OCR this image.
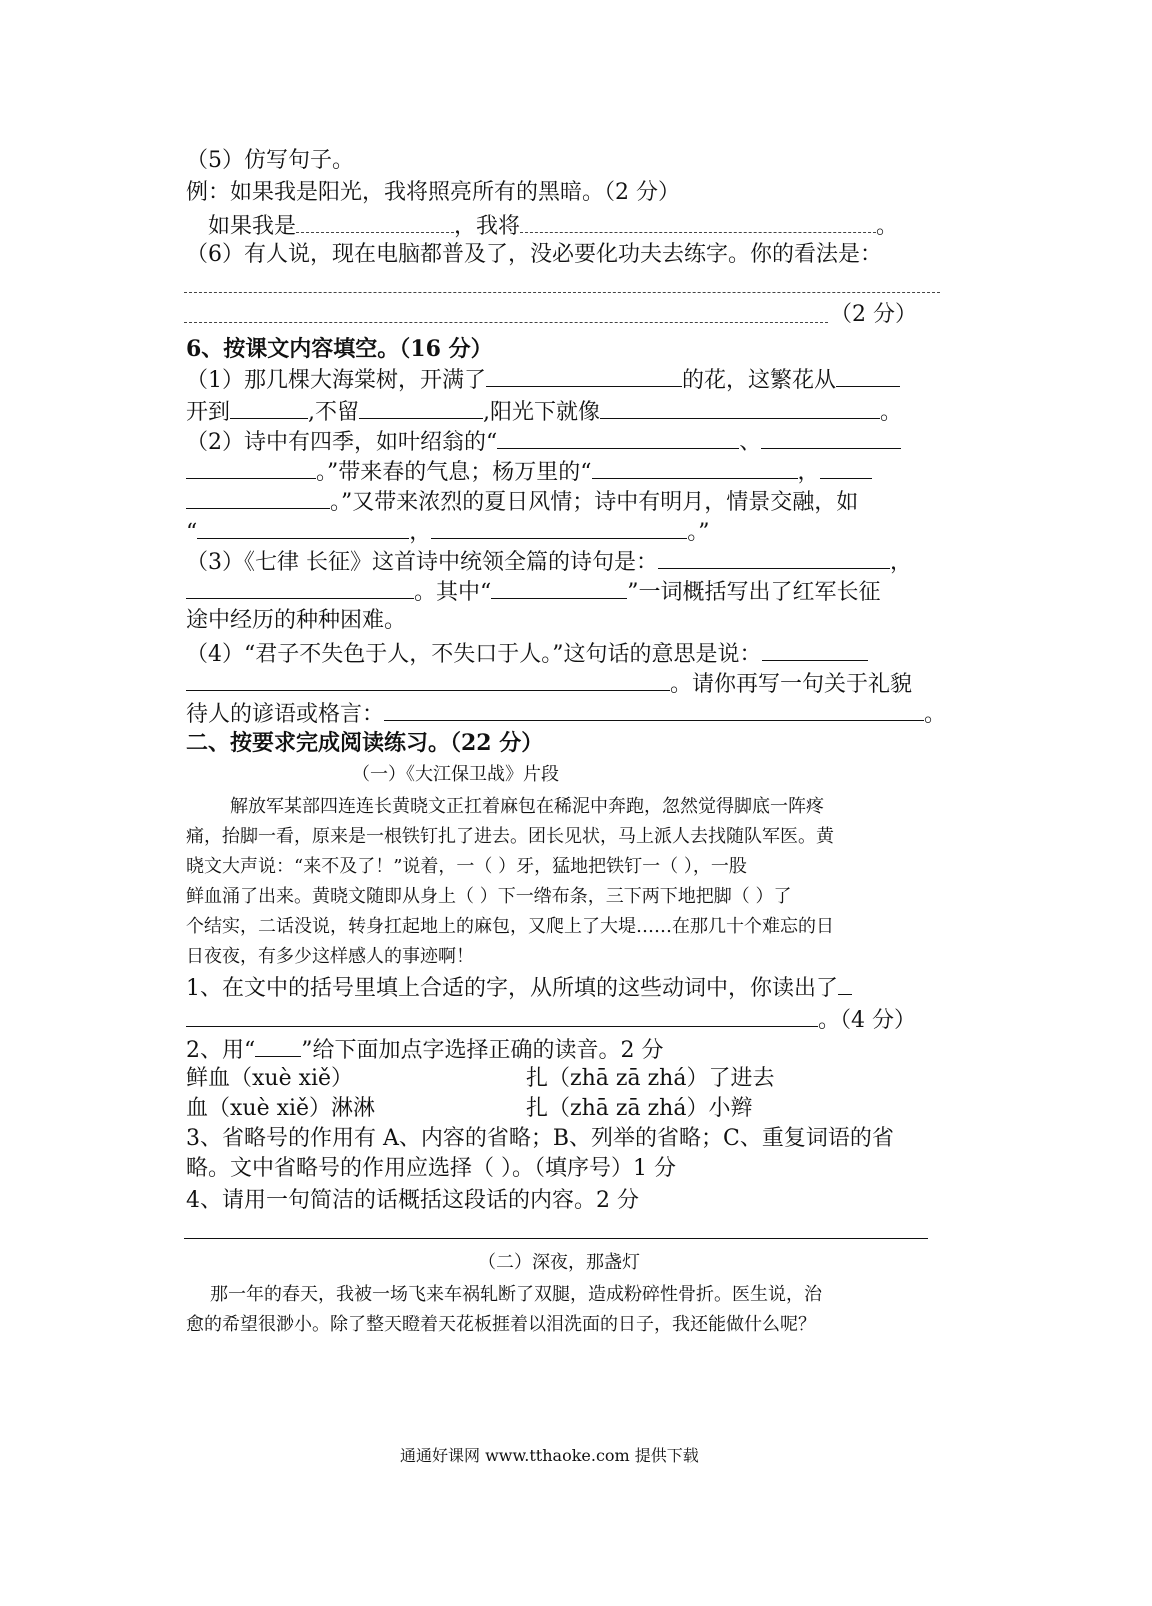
（5）仿写句子。
例：如果我是阳光，我将照亮所有的黑暗。（2 分）
如果我是	，我将	。
（6）有人说，现在电脑都普及了，没必要化功夫去练字。你的看法是：
（2 分）
6、按课文内容填空。（16 分）
（1）那几棵大海棠树，开满了	的花，这繁花从
开到	,不留	,阳光下就像	。
（2）诗中有四季，如叶绍翁的“	、
。”带来春的气息；杨万里的“	，
。”又带来浓烈的夏日风情；诗中有明月，情景交融，如
“	，	。”
（3）《七律 长征》这首诗中统领全篇的诗句是：	，
。其中“	”一词概括写出了红军长征
途中经历的种种困难。
（4）“君子不失色于人，不失口于人。”这句话的意思是说：
。请你再写一句关于礼貌
待人的谚语或格言：	。
二、按要求完成阅读练习。（22 分）
（一）《大江保卫战》片段
解放军某部四连连长黄晓文正扛着麻包在稀泥中奔跑，忽然觉得脚底一阵疼
痛，抬脚一看，原来是一根铁钉扎了进去。团长见状，马上派人去找随队军医。黄
晓文大声说：“来不及了！”说着，一（ ）牙，猛地把铁钉一（ ），一股
鲜血涌了出来。黄晓文随即从身上（ ）下一绺布条，三下两下地把脚（ ）了
个结实，二话没说，转身扛起地上的麻包，又爬上了大堤……在那几十个难忘的日
日夜夜，有多少这样感人的事迹啊！
1、在文中的括号里填上合适的字，从所填的这些动词中，你读出了
。（4 分）
2、用“ ”给下面加点字选择正确的读音。2 分
鲜血（xuè xiě）	扎（zhā zā zhá）了进去
血（xuè xiě）淋淋	扎（zhā zā zhá）小辫
3、省略号的作用有 A、内容的省略；B、列举的省略；C、重复词语的省
略。文中省略号的作用应选择（ ）。（填序号）1 分
4、请用一句简洁的话概括这段话的内容。2 分
（二）深夜，那盏灯
那一年的春天，我被一场飞来车祸轧断了双腿，造成粉碎性骨折。医生说，治
愈的希望很渺小。除了整天瞪着天花板捱着以泪洗面的日子，我还能做什么呢？
通通好课网 www.tthaoke.com 提供下载
